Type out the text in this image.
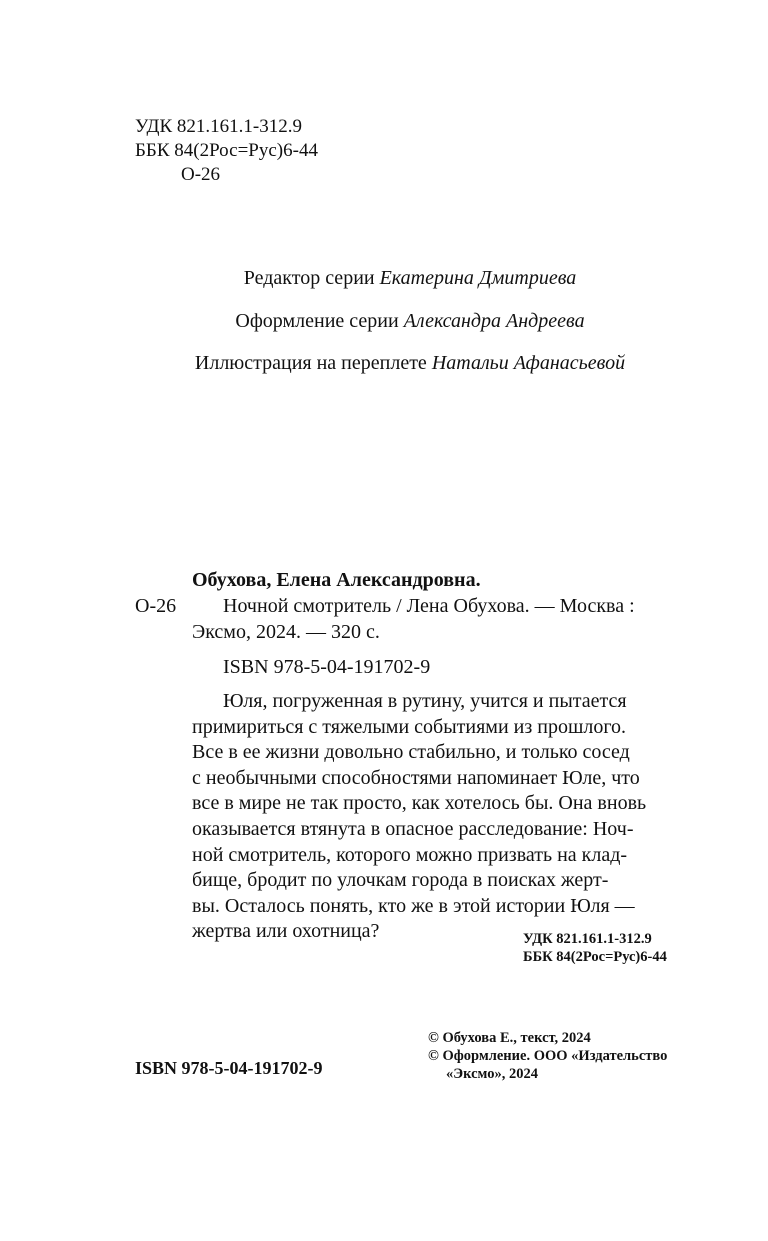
УДК 821.161.1-312.9
ББК 84(2Рос=Рус)6-44
О-26
Редактор серии Екатерина Дмитриева
Оформление серии Александра Андреева
Иллюстрация на переплете Натальи Афанасьевой
Обухова, Елена Александровна.
О-26 Ночной смотритель / Лена Обухова. — Москва :
Эксмо, 2024. — 320 с.
ISBN 978-5-04-191702-9
Юля, погруженная в рутину, учится и пытается
примириться с тяжелыми событиями из прошлого.
Все в ее жизни довольно стабильно, и только сосед
с необычными способностями напоминает Юле, что
все в мире не так просто, как хотелось бы. Она вновь
оказывается втянута в опасное расследование: Ноч-
ной смотритель, которого можно призвать на клад-
бище, бродит по улочкам города в поисках жерт-
вы. Осталось понять, кто же в этой истории Юля —
жертва или охотница?	УДК 821.161.1-312.9
ББК 84(2Рос=Рус)6-44
ISBN 978-5-04-191702-9
© Обухова Е., текст, 2024
© Оформление. ООО «Издательство
«Эксмо», 2024
